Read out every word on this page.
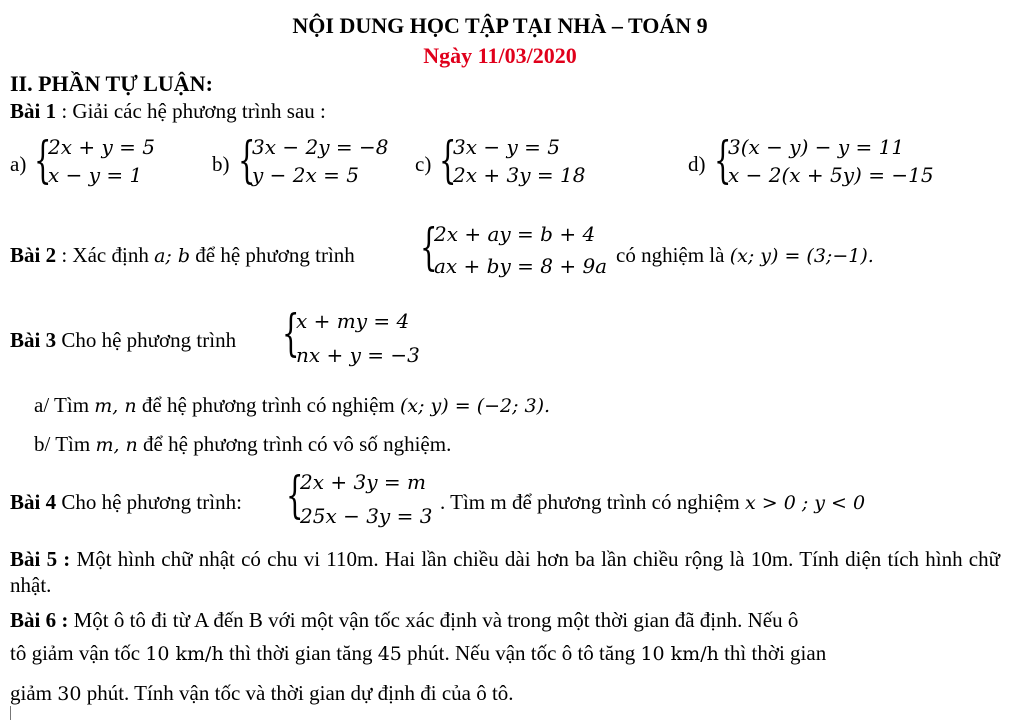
NỘI DUNG HỌC TẬP TẠI NHÀ – TOÁN 9
Ngày 11/03/2020
II. PHẦN TỰ LUẬN:
Bài 1 : Giải các hệ phương trình sau :
a) {
2x + y = 5
x − y = 1	b) {
3x − 2y = −8
y − 2x = 5	c) {
3x − y = 5
2x + 3y = 18	d) {
3(x − y) − y = 11
x − 2(x + 5y) = −15
Bài 2 : Xác định a; b để hệ phương trình {
2x + ay = b + 4
ax + by = 8 + 9a có nghiệm là (x; y) = (3;−1).
Bài 3 Cho hệ phương trình {
x + my = 4
nx + y = −3
a/ Tìm m, n để hệ phương trình có nghiệm (x; y) = (−2; 3).
b/ Tìm m, n để hệ phương trình có vô số nghiệm.
Bài 4 Cho hệ phương trình: {
2x + 3y = m
25x − 3y = 3
. Tìm m để phương trình có nghiệm x > 0 ; y < 0
Bài 5 : Một hình chữ nhật có chu vi 110m. Hai lần chiều dài hơn ba lần chiều rộng là 10m. Tính diện tích hình chữ nhật.
Bài 6 : Một ô tô đi từ A đến B với một vận tốc xác định và trong một thời gian đã định. Nếu ô
tô giảm vận tốc 10 km/h thì thời gian tăng 45 phút. Nếu vận tốc ô tô tăng 10 km/h thì thời gian
giảm 30 phút. Tính vận tốc và thời gian dự định đi của ô tô.
